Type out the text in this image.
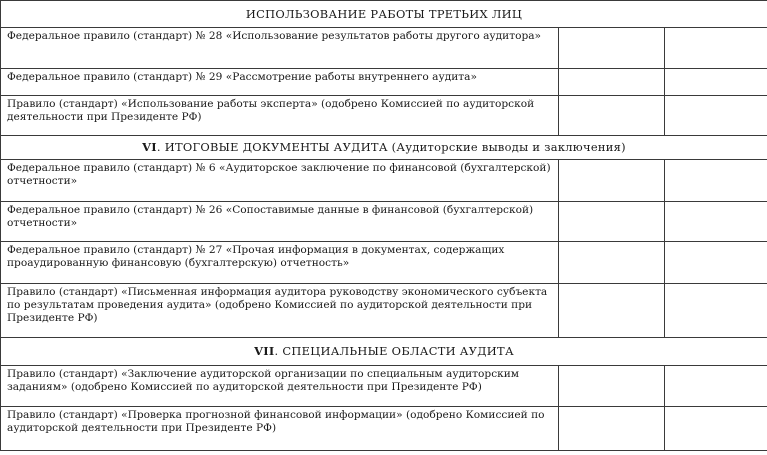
ИСПОЛЬЗОВАНИЕ РАБОТЫ ТРЕТЬИХ ЛИЦ		
Федеральное правило (стандарт) № 28 «Использование результатов работы другого аудитора»		
Федеральное правило (стандарт) № 29 «Рассмотрение работы внутреннего аудита»		
Правило (стандарт) «Использование работы эксперта» (одобрено Комиссией по аудиторской деятельности при Президенте РФ)		
VI. ИТОГОВЫЕ ДОКУМЕНТЫ АУДИТА (Аудиторские выводы и заключения)		
Федеральное правило (стандарт) № 6 «Аудиторское заключение по финансовой (бухгалтерской) отчетности»		
Федеральное правило (стандарт) № 26 «Сопоставимые данные в финансовой (бухгалтерской) отчетности»		
Федеральное правило (стандарт) № 27 «Прочая информация в документах, содержащих проаудированную финансовую (бухгалтерскую) отчетность»		
Правило (стандарт) «Письменная информация аудитора руководству экономического субъекта по результатам проведения аудита» (одобрено Комиссией по аудиторской деятельности при Президенте РФ)		
VII. СПЕЦИАЛЬНЫЕ ОБЛАСТИ АУДИТА		
Правило (стандарт) «Заключение аудиторской организации по специальным аудиторским заданиям» (одобрено Комиссией по аудиторской деятельности при Президенте РФ)		
Правило (стандарт) «Проверка прогнозной финансовой информации» (одобрено Комиссией по аудиторской деятельности при Президенте РФ)		
